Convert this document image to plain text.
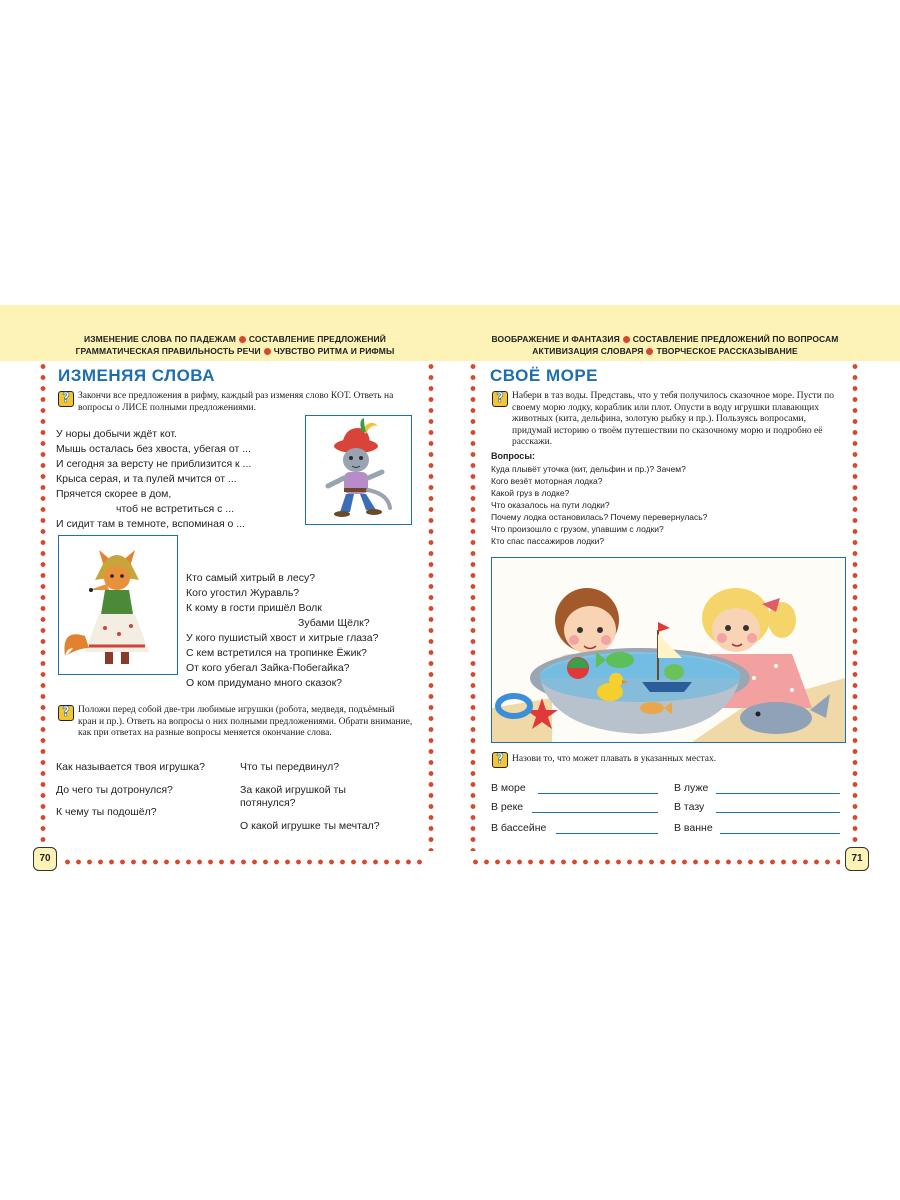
ИЗМЕНЕНИЕ СЛОВА ПО ПАДЕЖАМ СОСТАВЛЕНИЕ ПРЕДЛОЖЕНИЙ
ГРАММАТИЧЕСКАЯ ПРАВИЛЬНОСТЬ РЕЧИ ЧУВСТВО РИТМА И РИФМЫ
ВООБРАЖЕНИЕ И ФАНТАЗИЯ СОСТАВЛЕНИЕ ПРЕДЛОЖЕНИЙ ПО ВОПРОСАМ
АКТИВИЗАЦИЯ СЛОВАРЯ ТВОРЧЕСКОЕ РАССКАЗЫВАНИЕ
70	71
ИЗМЕНЯЯ СЛОВА
? Закончи все предложения в рифму, каждый раз изменяя слово КОТ. Ответь на вопросы о ЛИСЕ полными предложениями.
У норы добычи ждёт кот.
Мышь осталась без хвоста, убегая от ...
И сегодня за версту не приблизится к ...
Крыса серая, и та пулей мчится от ...
Прячется скорее в дом,
чтоб не встретиться с ...
И сидит там в темноте, вспоминая о ...
Кто самый хитрый в лесу?
Кого угостил Журавль?
К кому в гости пришёл Волк
Зубами Щёлк?
У кого пушистый хвост и хитрые глаза?
С кем встретился на тропинке Ёжик?
От кого убегал Зайка-Побегайка?
О ком придумано много сказок?
? Положи перед собой две-три любимые игрушки (робота, медведя, подъёмный кран и пр.). Ответь на вопросы о них полными предложениями. Обрати внимание, как при ответах на разные вопросы меняется окончание слова.
Как называется твоя игрушка?
До чего ты дотронулся?
К чему ты подошёл?
Что ты передвинул?
За какой игрушкой ты потянулся?
О какой игрушке ты мечтал?
СВОЁ МОРЕ
? Набери в таз воды. Представь, что у тебя получилось сказочное море. Пусти по своему морю лодку, кораблик или плот. Опусти в воду игрушки плавающих животных (кита, дельфина, золотую рыбку и пр.). Пользуясь вопросами, придумай историю о твоём путешествии по сказочному морю и подробно её расскажи.
Вопросы:
Куда плывёт уточка (кит, дельфин и пр.)? Зачем?
Кого везёт моторная лодка?
Какой груз в лодке?
Что оказалось на пути лодки?
Почему лодка остановилась? Почему перевернулась?
Что произошло с грузом, упавшим с лодки?
Кто спас пассажиров лодки?
? Назови то, что может плавать в указанных местах.
В море
В реке
В бассейне
В луже
В тазу
В ванне
